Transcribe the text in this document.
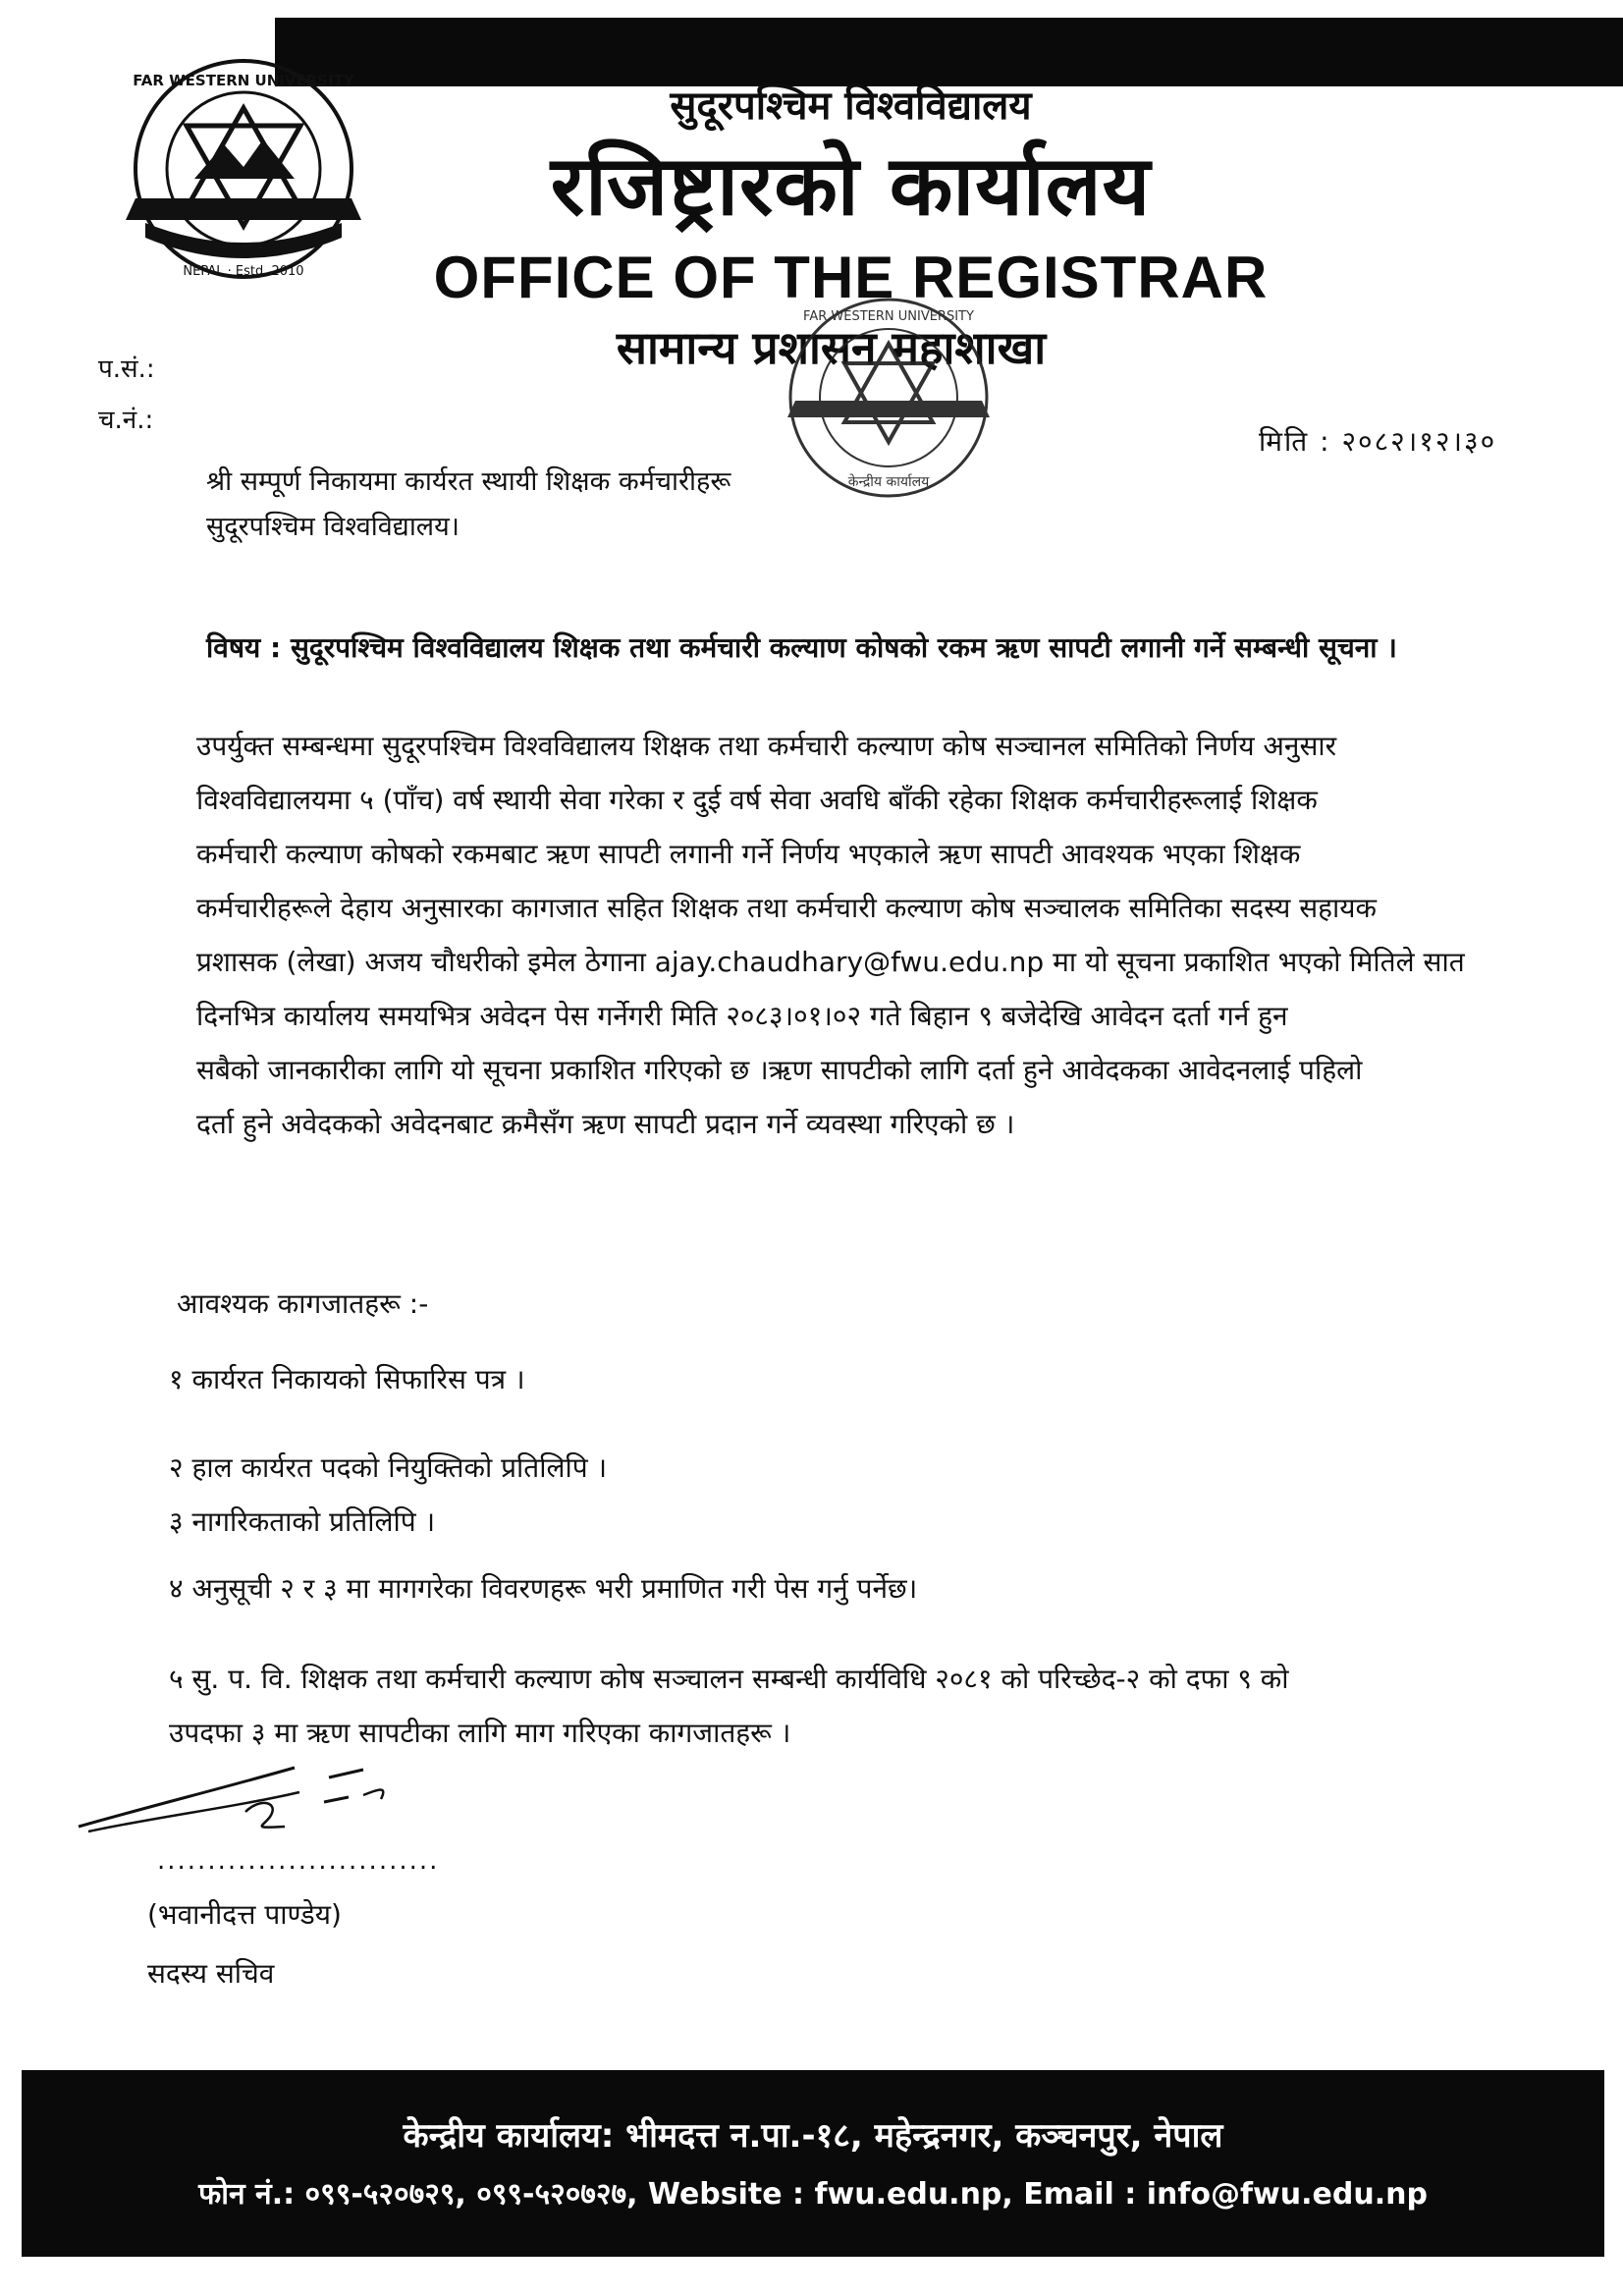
FAR WESTERN UNIVERSITY
NEPAL · Estd. 2010
सुदूरपश्चिम विश्वविद्यालय
रजिष्ट्रारको कार्यालय
OFFICE OF THE REGISTRAR
सामान्य प्रशासन महाशाखा
FAR WESTERN UNIVERSITY
केन्द्रीय कार्यालय
प.सं.:
च.नं.:
मिति : २०८२।१२।३०
श्री सम्पूर्ण निकायमा कार्यरत स्थायी शिक्षक कर्मचारीहरू
सुदूरपश्चिम विश्वविद्यालय।
विषय : सुदूरपश्चिम विश्वविद्यालय शिक्षक तथा कर्मचारी कल्याण कोषको रकम ऋण सापटी लगानी गर्ने सम्बन्धी सूचना ।
उपर्युक्त सम्बन्धमा सुदूरपश्चिम विश्वविद्यालय शिक्षक तथा कर्मचारी कल्याण कोष सञ्चानल समितिको निर्णय अनुसार
विश्वविद्यालयमा ५ (पाँच) वर्ष स्थायी सेवा गरेका र दुई वर्ष सेवा अवधि बाँकी रहेका शिक्षक कर्मचारीहरूलाई शिक्षक
कर्मचारी कल्याण कोषको रकमबाट ऋण सापटी लगानी गर्ने निर्णय भएकाले ऋण सापटी आवश्यक भएका शिक्षक
कर्मचारीहरूले देहाय अनुसारका कागजात सहित शिक्षक तथा कर्मचारी कल्याण कोष सञ्चालक समितिका सदस्य सहायक
प्रशासक (लेखा) अजय चौधरीको इमेल ठेगाना ajay.chaudhary@fwu.edu.np मा यो सूचना प्रकाशित भएको मितिले सात
दिनभित्र कार्यालय समयभित्र अवेदन पेस गर्नेगरी मिति २०८३।०१।०२ गते बिहान ९ बजेदेखि आवेदन दर्ता गर्न हुन
सबैको जानकारीका लागि यो सूचना प्रकाशित गरिएको छ ।ऋण सापटीको लागि दर्ता हुने आवेदकका आवेदनलाई पहिलो
दर्ता हुने अवेदकको अवेदनबाट क्रमैसँग ऋण सापटी प्रदान गर्ने व्यवस्था गरिएको छ ।
आवश्यक कागजातहरू :-
१ कार्यरत निकायको सिफारिस पत्र ।
२ हाल कार्यरत पदको नियुक्तिको प्रतिलिपि ।
३ नागरिकताको प्रतिलिपि ।
४ अनुसूची २ र ३ मा मागगरेका विवरणहरू भरी प्रमाणित गरी पेस गर्नु पर्नेछ।
५ सु. प. वि. शिक्षक तथा कर्मचारी कल्याण कोष सञ्चालन सम्बन्धी कार्यविधि २०८१ को परिच्छेद-२ को दफा ९ को
उपदफा ३ मा ऋण सापटीका लागि माग गरिएका कागजातहरू ।
............................
(भवानीदत्त पाण्डेय)
सदस्य सचिव
केन्द्रीय कार्यालय: भीमदत्त न.पा.-१८, महेन्द्रनगर, कञ्चनपुर, नेपाल
फोन नं.: ०९९-५२०७२९, ०९९-५२०७२७, Website : fwu.edu.np, Email : info@fwu.edu.np
